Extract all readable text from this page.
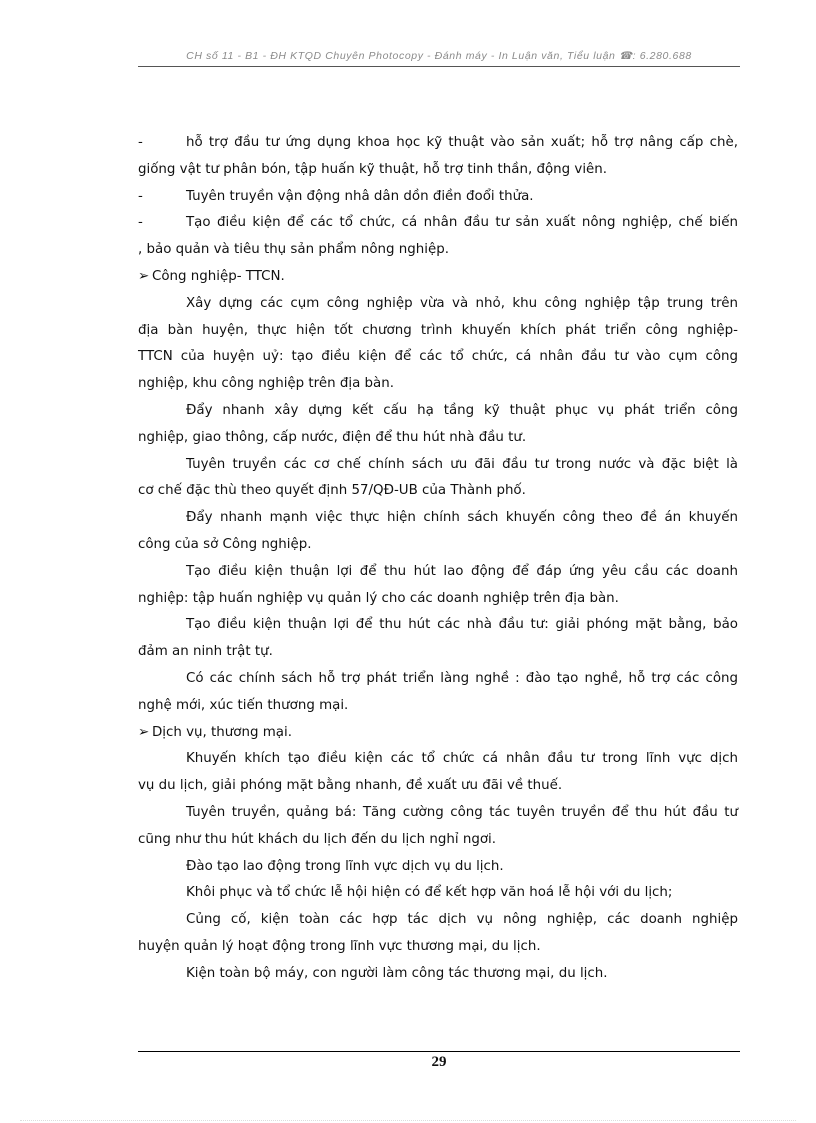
CH số 11 - B1 - ĐH KTQD Chuyên Photocopy - Đánh máy - In Luận văn, Tiểu luận ☎: 6.280.688
-	hỗ trợ đầu tư ứng dụng khoa học kỹ thuật vào sản xuất; hỗ trợ nâng cấp chè,
giống vật tư phân bón, tập huấn kỹ thuật, hỗ trợ tinh thần, động viên.
-	Tuyên truyền vận động nhâ dân dồn điền đoổi thửa.
-	Tạo điều kiện để các tổ chức, cá nhân đầu tư sản xuất nông nghiệp, chế biến
, bảo quản và tiêu thụ sản phẩm nông nghiệp.
➢ Công nghiệp- TTCN.
Xây dựng các cụm công nghiệp vừa và nhỏ, khu công nghiệp tập trung trên
địa bàn huyện, thực hiện tốt chương trình khuyến khích phát triển công nghiệp-
TTCN của huyện uỷ: tạo điều kiện để các tổ chức, cá nhân đầu tư vào cụm công
nghiệp, khu công nghiệp trên địa bàn.
Đẩy nhanh xây dựng kết cấu hạ tầng kỹ thuật phục vụ phát triển công
nghiệp, giao thông, cấp nước, điện để thu hút nhà đầu tư.
Tuyên truyền các cơ chế chính sách ưu đãi đầu tư trong nước và đặc biệt là
cơ chế đặc thù theo quyết định 57/QĐ-UB của Thành phố.
Đẩy nhanh mạnh việc thực hiện chính sách khuyến công theo đề án khuyến
công của sở Công nghiệp.
Tạo điều kiện thuận lợi để thu hút lao động để đáp ứng yêu cầu các doanh
nghiệp: tập huấn nghiệp vụ quản lý cho các doanh nghiệp trên địa bàn.
Tạo điều kiện thuận lợi để thu hút các nhà đầu tư: giải phóng mặt bằng, bảo
đảm an ninh trật tự.
Có các chính sách hỗ trợ phát triển làng nghề : đào tạo nghề, hỗ trợ các công
nghệ mới, xúc tiến thương mại.
➢ Dịch vụ, thương mại.
Khuyến khích tạo điều kiện các tổ chức cá nhân đầu tư trong lĩnh vực dịch
vụ du lịch, giải phóng mặt bằng nhanh, đề xuất ưu đãi về thuế.
Tuyên truyền, quảng bá: Tăng cường công tác tuyên truyền để thu hút đầu tư
cũng như thu hút khách du lịch đến du lịch nghỉ ngơi.
Đào tạo lao động trong lĩnh vực dịch vụ du lịch.
Khôi phục và tổ chức lễ hội hiện có để kết hợp văn hoá lễ hội với du lịch;
Củng cố, kiện toàn các hợp tác dịch vụ nông nghiệp, các doanh nghiệp
huyện quản lý hoạt động trong lĩnh vực thương mại, du lịch.
Kiện toàn bộ máy, con người làm công tác thương mại, du lịch.
29
